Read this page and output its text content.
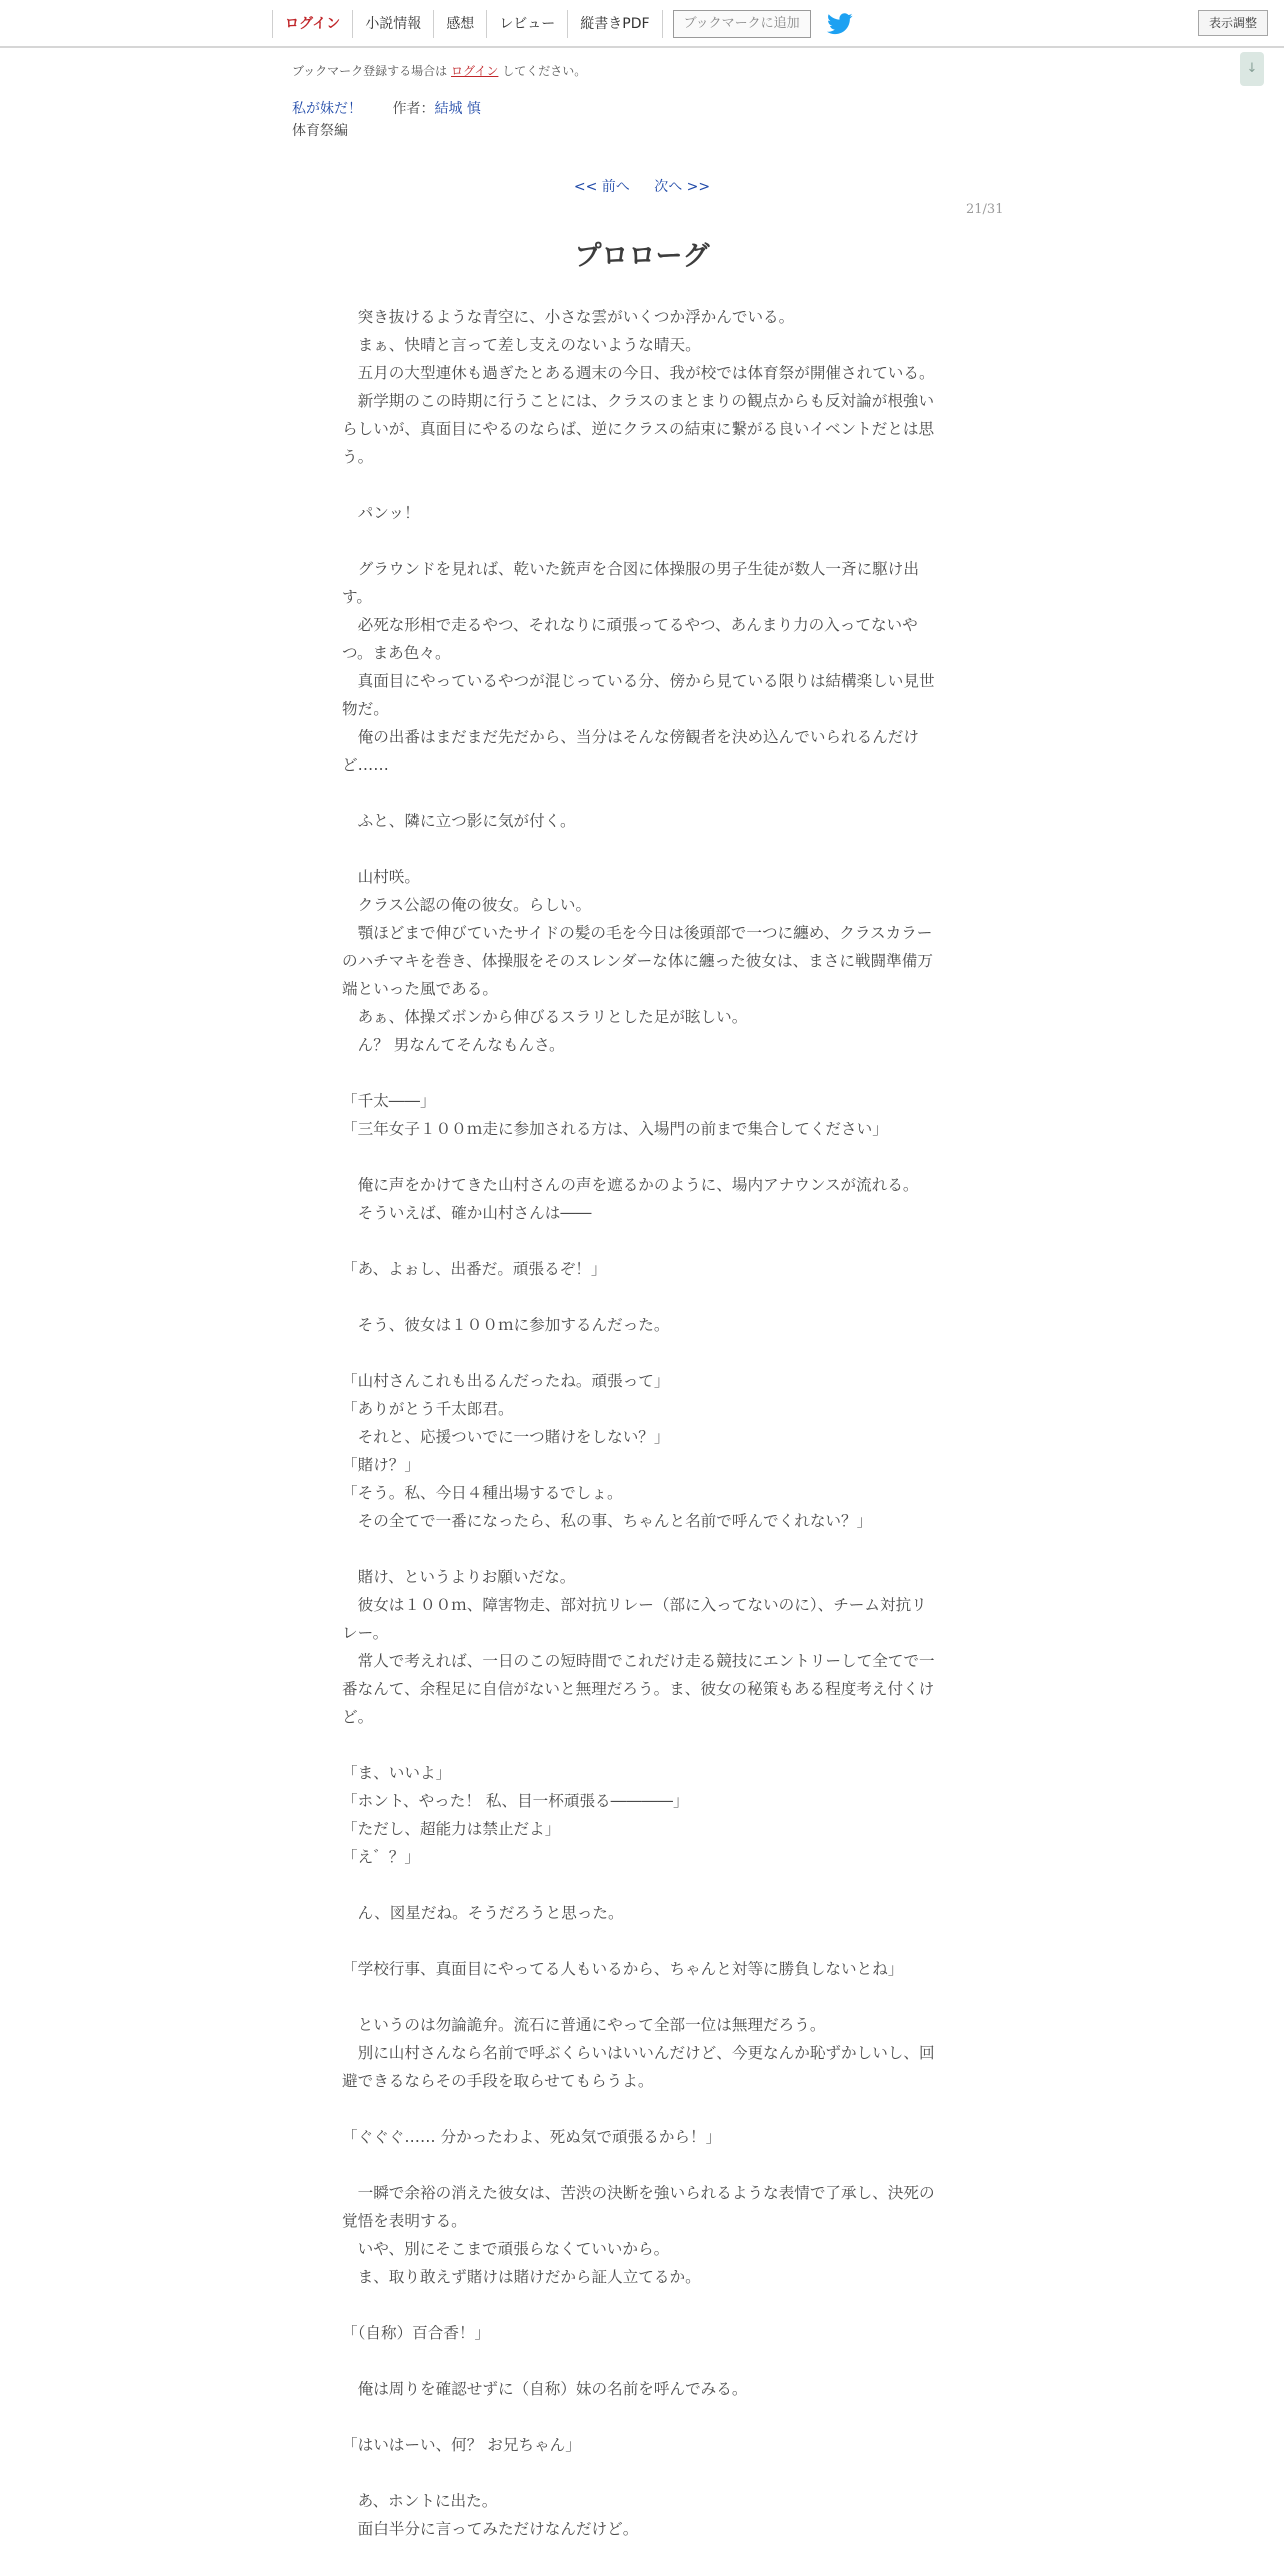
ログイン	小説情報	感想	レビュー	縦書きPDF	ブックマークに追加	表示調整
↓
ブックマーク登録する場合は ログイン してください。
私が妹だ！ 作者：結城 慎
体育祭編
<< 前へ 次へ >>
21/31
プロローグ

　突き抜けるような青空に、小さな雲がいくつか浮かんでいる。

　まぁ、快晴と言って差し支えのないような晴天。

　五月の大型連休も過ぎたとある週末の今日、我が校では体育祭が開催されている。

　新学期のこの時期に行うことには、クラスのまとまりの観点からも反対論が根強いらしいが、真面目にやるのならば、逆にクラスの結束に繋がる良いイベントだとは思う。

　パンッ！

　グラウンドを見れば、乾いた銃声を合図に体操服の男子生徒が数人一斉に駆け出す。

　必死な形相で走るやつ、それなりに頑張ってるやつ、あんまり力の入ってないやつ。まあ色々。

　真面目にやっているやつが混じっている分、傍から見ている限りは結構楽しい見世物だ。

　俺の出番はまだまだ先だから、当分はそんな傍観者を決め込んでいられるんだけど……

　ふと、隣に立つ影に気が付く。

　山村咲。

　クラス公認の俺の彼女。らしい。

　顎ほどまで伸びていたサイドの髪の毛を今日は後頭部で一つに纏め、クラスカラーのハチマキを巻き、体操服をそのスレンダーな体に纏った彼女は、まさに戦闘準備万端といった風である。

　あぁ、体操ズボンから伸びるスラリとした足が眩しい。

　ん？ 男なんてそんなもんさ。

「千太――」

「三年女子１００ｍ走に参加される方は、入場門の前まで集合してください」

　俺に声をかけてきた山村さんの声を遮るかのように、場内アナウンスが流れる。

　そういえば、確か山村さんは――

「あ、よぉし、出番だ。頑張るぞ！」

　そう、彼女は１００ｍに参加するんだった。

「山村さんこれも出るんだったね。頑張って」

「ありがとう千太郎君。

　それと、応援ついでに一つ賭けをしない？」

「賭け？」

「そう。私、今日４種出場するでしょ。

　その全てで一番になったら、私の事、ちゃんと名前で呼んでくれない？」

　賭け、というよりお願いだな。

　彼女は１００ｍ、障害物走、部対抗リレー（部に入ってないのに）、チーム対抗リレー。

　常人で考えれば、一日のこの短時間でこれだけ走る競技にエントリーして全てで一番なんて、余程足に自信がないと無理だろう。ま、彼女の秘策もある程度考え付くけど。

「ま、いいよ」

「ホント、やった！ 私、目一杯頑張る――――」

「ただし、超能力は禁止だよ」

「え゛？」

　ん、図星だね。そうだろうと思った。

「学校行事、真面目にやってる人もいるから、ちゃんと対等に勝負しないとね」

　というのは勿論詭弁。流石に普通にやって全部一位は無理だろう。

　別に山村さんなら名前で呼ぶくらいはいいんだけど、今更なんか恥ずかしいし、回避できるならその手段を取らせてもらうよ。

「ぐぐぐ…… 分かったわよ、死ぬ気で頑張るから！」

　一瞬で余裕の消えた彼女は、苦渋の決断を強いられるような表情で了承し、決死の覚悟を表明する。

　いや、別にそこまで頑張らなくていいから。

　ま、取り敢えず賭けは賭けだから証人立てるか。

「（自称）百合香！」

　俺は周りを確認せずに（自称）妹の名前を呼んでみる。

「はいはーい、何？ お兄ちゃん」

　あ、ホントに出た。

　面白半分に言ってみただけなんだけど。
